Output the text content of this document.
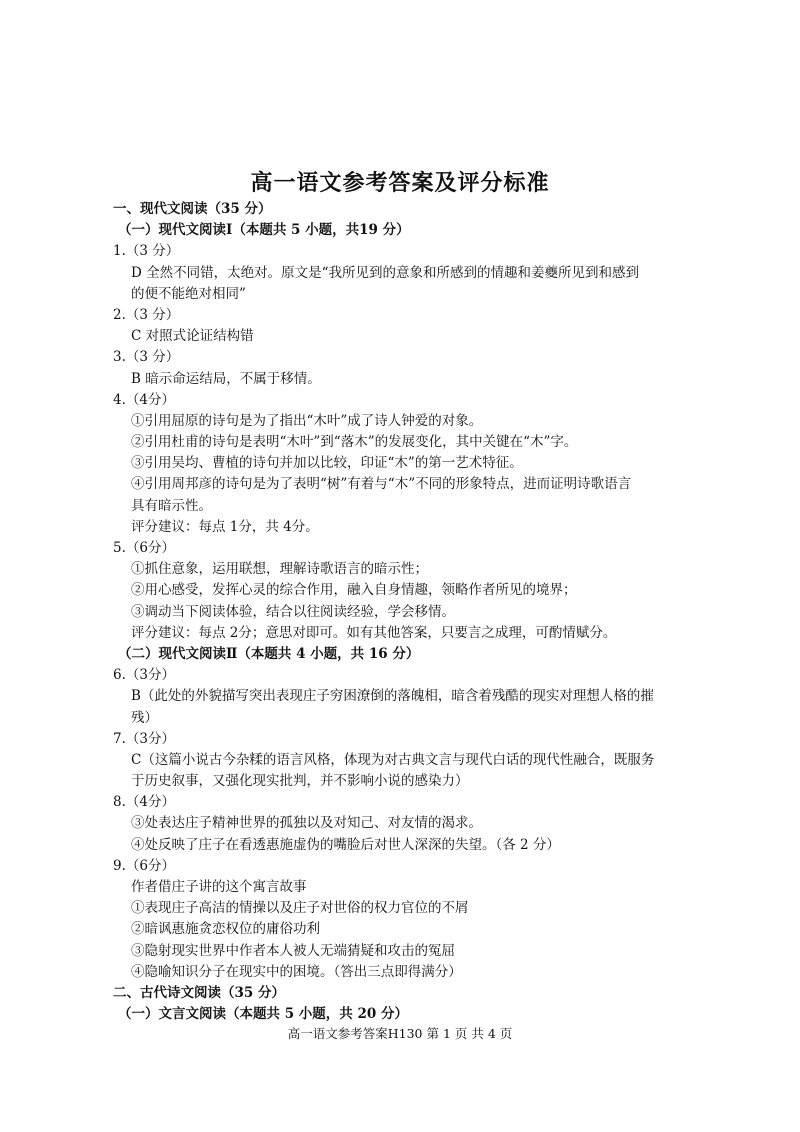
高一语文参考答案及评分标准
一、现代文阅读（35 分）
（一）现代文阅读Ⅰ（本题共 5 小题，共19 分）
1.（3 分）
D 全然不同错，太绝对。原文是“我所见到的意象和所感到的情趣和姜夔所见到和感到
的便不能绝对相同”
2.（3 分）
C 对照式论证结构错
3.（3 分）
B 暗示命运结局，不属于移情。
4.（4分）
①引用屈原的诗句是为了指出“木叶”成了诗人钟爱的对象。
②引用杜甫的诗句是表明“木叶”到“落木”的发展变化，其中关键在“木”字。
③引用吴均、曹植的诗句并加以比较，印证“木”的第一艺术特征。
④引用周邦彦的诗句是为了表明“树”有着与“木”不同的形象特点，进而证明诗歌语言
具有暗示性。
评分建议：每点 1分，共 4分。
5.（6分）
①抓住意象，运用联想，理解诗歌语言的暗示性；
②用心感受，发挥心灵的综合作用，融入自身情趣，领略作者所见的境界；
③调动当下阅读体验，结合以往阅读经验，学会移情。
评分建议：每点 2分；意思对即可。如有其他答案，只要言之成理，可酌情赋分。
（二）现代文阅读Ⅱ（本题共 4 小题，共 16 分）
6.（3分）
B（此处的外貌描写突出表现庄子穷困潦倒的落魄相，暗含着残酷的现实对理想人格的摧
残）
7.（3分）
C（这篇小说古今杂糅的语言风格，体现为对古典文言与现代白话的现代性融合，既服务
于历史叙事，又强化现实批判，并不影响小说的感染力）
8.（4分）
③处表达庄子精神世界的孤独以及对知己、对友情的渴求。
④处反映了庄子在看透惠施虚伪的嘴脸后对世人深深的失望。（各 2 分）
9.（6分）
作者借庄子讲的这个寓言故事
①表现庄子高洁的情操以及庄子对世俗的权力官位的不屑
②暗讽惠施贪恋权位的庸俗功利
③隐射现实世界中作者本人被人无端猜疑和攻击的冤屈
④隐喻知识分子在现实中的困境。（答出三点即得满分）
二、古代诗文阅读（35 分）
（一）文言文阅读（本题共 5 小题，共 20 分）
高一语文参考答案H130 第 1 页 共 4 页
